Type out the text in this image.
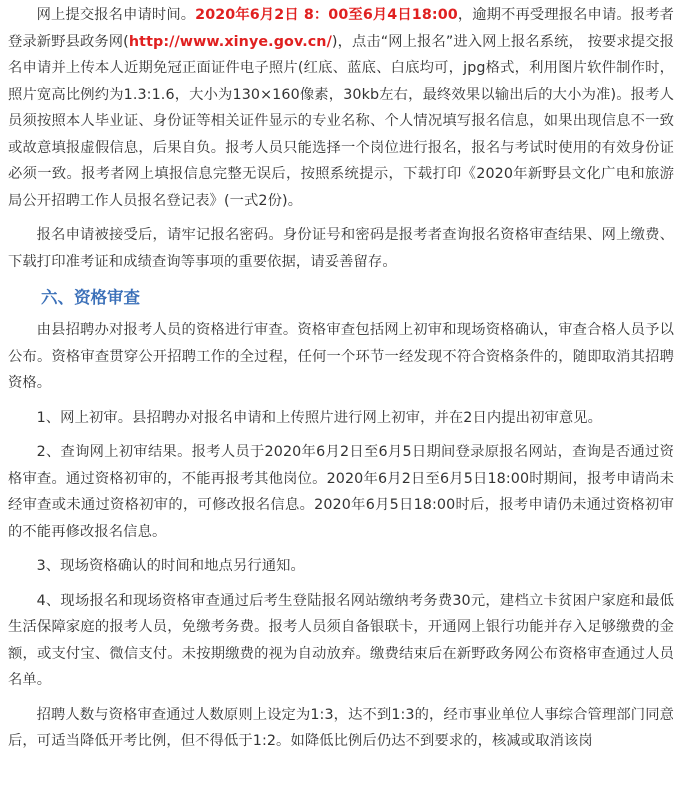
网上提交报名申请时间。2020年6月2日 8：00至6月4日18:00，逾期不再受理报名申请。报考者登录新野县政务网(http://www.xinye.gov.cn/)，点击“网上报名”进入网上报名系统， 按要求提交报名申请并上传本人近期免冠正面证件电子照片(红底、蓝底、白底均可，jpg格式，利用图片软件制作时，照片宽高比例约为1.3:1.6，大小为130×160像素，30kb左右，最终效果以输出后的大小为准)。报考人员须按照本人毕业证、身份证等相关证件显示的专业名称、个人情况填写报名信息，如果出现信息不一致或故意填报虚假信息，后果自负。报考人员只能选择一个岗位进行报名，报名与考试时使用的有效身份证必须一致。报考者网上填报信息完整无误后，按照系统提示，下载打印《2020年新野县文化广电和旅游局公开招聘工作人员报名登记表》(一式2份)。

报名申请被接受后，请牢记报名密码。身份证号和密码是报考者查询报名资格审查结果、网上缴费、下载打印准考证和成绩查询等事项的重要依据，请妥善留存。

六、资格审查

由县招聘办对报考人员的资格进行审查。资格审查包括网上初审和现场资格确认，审查合格人员予以公布。资格审查贯穿公开招聘工作的全过程，任何一个环节一经发现不符合资格条件的，随即取消其招聘资格。

1、网上初审。县招聘办对报名申请和上传照片进行网上初审，并在2日内提出初审意见。

2、查询网上初审结果。报考人员于2020年6月2日至6月5日期间登录原报名网站，查询是否通过资格审查。通过资格初审的，不能再报考其他岗位。2020年6月2日至6月5日18:00时期间，报考申请尚未经审查或未通过资格初审的，可修改报名信息。2020年6月5日18:00时后，报考申请仍未通过资格初审的不能再修改报名信息。

3、现场资格确认的时间和地点另行通知。

4、现场报名和现场资格审查通过后考生登陆报名网站缴纳考务费30元，建档立卡贫困户家庭和最低生活保障家庭的报考人员，免缴考务费。报考人员须自备银联卡，开通网上银行功能并存入足够缴费的金额，或支付宝、微信支付。未按期缴费的视为自动放弃。缴费结束后在新野政务网公布资格审查通过人员名单。

招聘人数与资格审查通过人数原则上设定为1:3，达不到1:3的，经市事业单位人事综合管理部门同意后，可适当降低开考比例，但不得低于1:2。如降低比例后仍达不到要求的，核减或取消该岗
